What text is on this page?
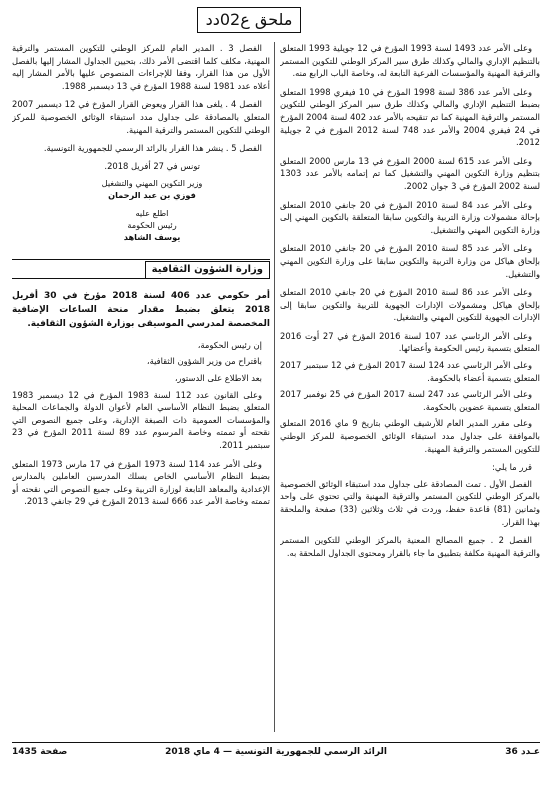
ملحق ع02دد

وعلى الأمر عدد 1493 لسنة 1993 المؤرخ في 12 جويلية 1993 المتعلق بالتنظيم الإداري والمالي وكذلك طرق سير المركز الوطني للتكوين المستمر والترقية المهنية والمؤسسات الفرعية التابعة له، وخاصة الباب الرابع منه.

وعلى الأمر عدد 386 لسنة 1998 المؤرخ في 10 فيفري 1998 المتعلق بضبط التنظيم الإداري والمالي وكذلك طرق سير المركز الوطني للتكوين المستمر والترقية المهنية كما تم تنقيحه بالأمر عدد 402 لسنة 2004 المؤرخ في 24 فيفري 2004 والأمر عدد 748 لسنة 2012 المؤرخ في 2 جويلية 2012.

وعلى الأمر عدد 615 لسنة 2000 المؤرخ في 13 مارس 2000 المتعلق بتنظيم وزارة التكوين المهني والتشغيل كما تم إتمامه بالأمر عدد 1303 لسنة 2002 المؤرخ في 3 جوان 2002.

وعلى الأمر عدد 84 لسنة 2010 المؤرخ في 20 جانفي 2010 المتعلق بإحالة مشمولات وزارة التربية والتكوين سابقا المتعلقة بالتكوين المهني إلى وزارة التكوين المهني والتشغيل.

وعلى الأمر عدد 85 لسنة 2010 المؤرخ في 20 جانفي 2010 المتعلق بإلحاق هياكل من وزارة التربية والتكوين سابقا على وزارة التكوين المهني والتشغيل.

وعلى الأمر عدد 86 لسنة 2010 المؤرخ في 20 جانفي 2010 المتعلق بإلحاق هياكل ومشمولات الإدارات الجهوية للتربية والتكوين سابقا إلى الإدارات الجهوية للتكوين المهني والتشغيل.

وعلى الأمر الرئاسي عدد 107 لسنة 2016 المؤرخ في 27 أوت 2016 المتعلق بتسمية رئيس الحكومة وأعضائها.

وعلى الأمر الرئاسي عدد 124 لسنة 2017 المؤرخ في 12 سبتمبر 2017 المتعلق بتسمية أعضاء بالحكومة.

وعلى الأمر الرئاسي عدد 247 لسنة 2017 المؤرخ في 25 نوفمبر 2017 المتعلق بتسمية عضوين بالحكومة.

وعلى مقرر المدير العام للأرشيف الوطني بتاريخ 9 ماي 2016 المتعلق بالموافقة على جداول مدد استبقاء الوثائق الخصوصية للمركز الوطني للتكوين المستمر والترقية المهنية.

قرر ما يلي:

الفصل الأول . تمت المصادقة على جداول مدد استبقاء الوثائق الخصوصية بالمركز الوطني للتكوين المستمر والترقية المهنية والتي تحتوي على واحد وثمانين (81) قاعدة حفظ، وردت في ثلاث وثلاثين (33) صفحة والملحقة بهذا القرار.

الفصل 2 . جميع المصالح المعنية بالمركز الوطني للتكوين المستمر والترقية المهنية مكلفة بتطبيق ما جاء بالقرار ومحتوى الجداول الملحقة به.

الفصل 3 . المدير العام للمركز الوطني للتكوين المستمر والترقية المهنية، مكلف كلما اقتضى الأمر ذلك، بتحيين الجداول المشار إليها بالفصل الأول من هذا القرار، وفقا للإجراءات المنصوص عليها بالأمر المشار إليه أعلاه عدد 1981 لسنة 1988 المؤرخ في 13 ديسمبر 1988.

الفصل 4 . يلغى هذا القرار ويعوض القرار المؤرخ في 12 ديسمبر 2007 المتعلق بالمصادقة على جداول مدد استبقاء الوثائق الخصوصية للمركز الوطني للتكوين المستمر والترقية المهنية.

الفصل 5 . ينشر هذا القرار بالرائد الرسمي للجمهورية التونسية.

تونس في 27 أفريل 2018.
وزير التكوين المهني والتشغيل
فوزي بن عبد الرحمان
اطلع عليه
رئيس الحكومة
يوسف الشاهد
وزارة الشؤون الثقافية

أمر حكومي عدد 406 لسنة 2018 مؤرخ في 30 أفريل 2018 يتعلق بضبط مقدار منحة الساعات الإضافية المخصصة لمدرسي الموسيقى بوزارة الشؤون الثقافية.

إن رئيس الحكومة،

باقتراح من وزير الشؤون الثقافية،

بعد الاطلاع على الدستور،

وعلى القانون عدد 112 لسنة 1983 المؤرخ في 12 ديسمبر 1983 المتعلق بضبط النظام الأساسي العام لأعوان الدولة والجماعات المحلية والمؤسسات العمومية ذات الصبغة الإدارية، وعلى جميع النصوص التي نقحته أو تممته وخاصة المرسوم عدد 89 لسنة 2011 المؤرخ في 23 سبتمبر 2011.

وعلى الأمر عدد 114 لسنة 1973 المؤرخ في 17 مارس 1973 المتعلق بضبط النظام الأساسي الخاص بسلك المدرسين العاملين بالمدارس الإعدادية والمعاهد التابعة لوزارة التربية وعلى جميع النصوص التي نقحته أو تممته وخاصة الأمر عدد 666 لسنة 2013 المؤرخ في 29 جانفي 2013.

عـدد 36
الرائد الرسمي للجمهورية التونسية — 4 ماي 2018
صفحة 1435
